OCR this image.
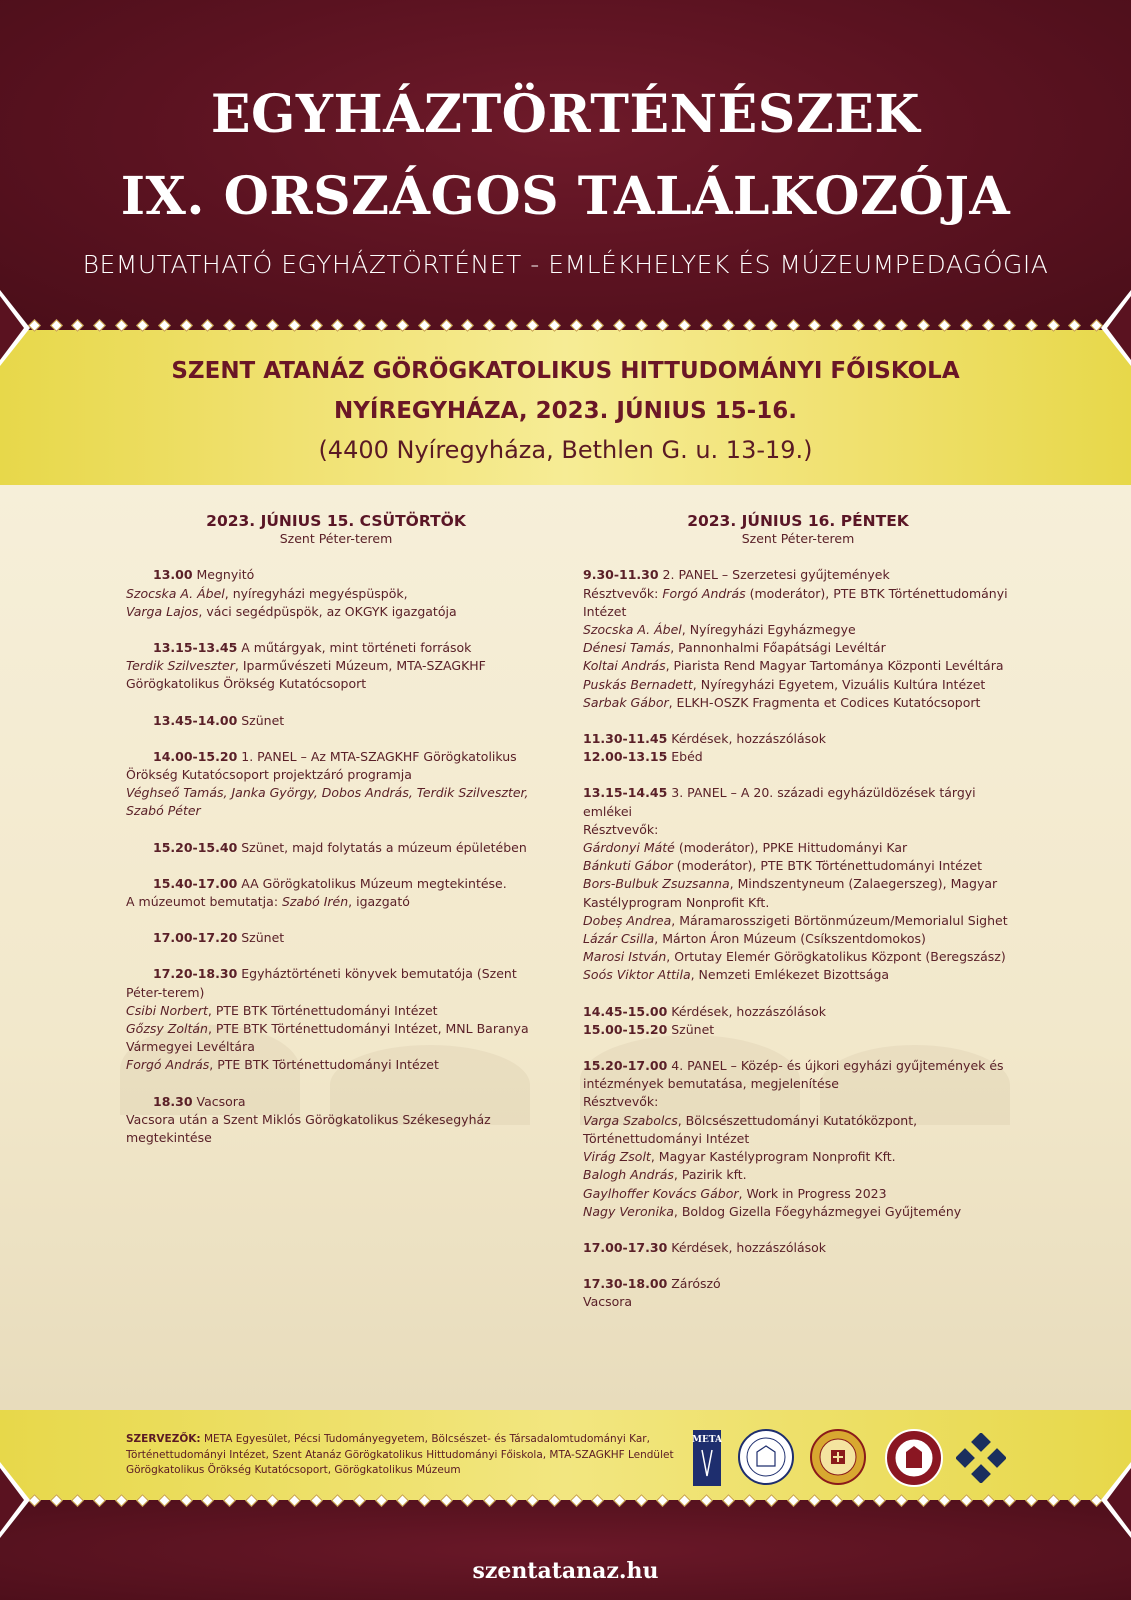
EGYHÁZTÖRTÉNÉSZEK
IX. ORSZÁGOS TALÁLKOZÓJA
BEMUTATHATÓ EGYHÁZTÖRTÉNET - EMLÉKHELYEK ÉS MÚZEUMPEDAGÓGIA
SZENT ATANÁZ GÖRÖGKATOLIKUS HITTUDOMÁNYI FŐISKOLA
NYÍREGYHÁZA, 2023. JÚNIUS 15-16.
(4400 Nyíregyháza, Bethlen G. u. 13-19.)
2023. JÚNIUS 15. CSÜTÖRTÖK
Szent Péter-terem
13.00 Megnyitó
Szocska A. Ábel, nyíregyházi megyéspüspök,
Varga Lajos, váci segédpüspök, az OKGYK igazgatója
13.15-13.45 A műtárgyak, mint történeti források
Terdik Szilveszter, Iparművészeti Múzeum, MTA-SZAGKHF Görögkatolikus Örökség Kutatócsoport
13.45-14.00 Szünet
14.00-15.20 1. PANEL – Az MTA-SZAGKHF Görögkatolikus Örökség Kutatócsoport projektzáró programja
Véghseő Tamás, Janka György, Dobos András, Terdik Szilveszter, Szabó Péter
15.20-15.40 Szünet, majd folytatás a múzeum épületében
15.40-17.00 AA Görögkatolikus Múzeum megtekintése.
A múzeumot bemutatja: Szabó Irén, igazgató
17.00-17.20 Szünet
17.20-18.30 Egyháztörténeti könyvek bemutatója (Szent Péter-terem)
Csibi Norbert, PTE BTK Történettudományi Intézet
Gőzsy Zoltán, PTE BTK Történettudományi Intézet, MNL Baranya Vármegyei Levéltára
Forgó András, PTE BTK Történettudományi Intézet
18.30 Vacsora
Vacsora után a Szent Miklós Görögkatolikus Székesegyház megtekintése
2023. JÚNIUS 16. PÉNTEK
Szent Péter-terem
9.30-11.30 2. PANEL – Szerzetesi gyűjtemények
Résztvevők: Forgó András (moderátor), PTE BTK Történettudományi Intézet
Szocska A. Ábel, Nyíregyházi Egyházmegye
Dénesi Tamás, Pannonhalmi Főapátsági Levéltár
Koltai András, Piarista Rend Magyar Tartománya Központi Levéltára
Puskás Bernadett, Nyíregyházi Egyetem, Vizuális Kultúra Intézet
Sarbak Gábor, ELKH-OSZK Fragmenta et Codices Kutatócsoport
11.30-11.45 Kérdések, hozzászólások
12.00-13.15 Ebéd
13.15-14.45 3. PANEL – A 20. századi egyházüldözések tárgyi emlékei
Résztvevők:
Gárdonyi Máté (moderátor), PPKE Hittudományi Kar
Bánkuti Gábor (moderátor), PTE BTK Történettudományi Intézet
Bors-Bulbuk Zsuzsanna, Mindszentyneum (Zalaegerszeg), Magyar Kastélyprogram Nonprofit Kft.
Dobeș Andrea, Máramarosszigeti Börtönmúzeum/Memorialul Sighet
Lázár Csilla, Márton Áron Múzeum (Csíkszentdomokos)
Marosi István, Ortutay Elemér Görögkatolikus Központ (Beregszász)
Soós Viktor Attila, Nemzeti Emlékezet Bizottsága
14.45-15.00 Kérdések, hozzászólások
15.00-15.20 Szünet
15.20-17.00 4. PANEL – Közép- és újkori egyházi gyűjtemények és intézmények bemutatása, megjelenítése
Résztvevők:
Varga Szabolcs, Bölcsészettudományi Kutatóközpont, Történettudományi Intézet
Virág Zsolt, Magyar Kastélyprogram Nonprofit Kft.
Balogh András, Pazirik kft.
Gaylhoffer Kovács Gábor, Work in Progress 2023
Nagy Veronika, Boldog Gizella Főegyházmegyei Gyűjtemény
17.00-17.30 Kérdések, hozzászólások
17.30-18.00 Zárószó
Vacsora
SZERVEZŐK: META Egyesület, Pécsi Tudományegyetem, Bölcsészet- és Társadalomtudományi Kar, Történettudományi Intézet, Szent Atanáz Görögkatolikus Hittudományi Főiskola, MTA-SZAGKHF Lendület Görögkatolikus Örökség Kutatócsoport, Görögkatolikus Múzeum
META
szentatanaz.hu
